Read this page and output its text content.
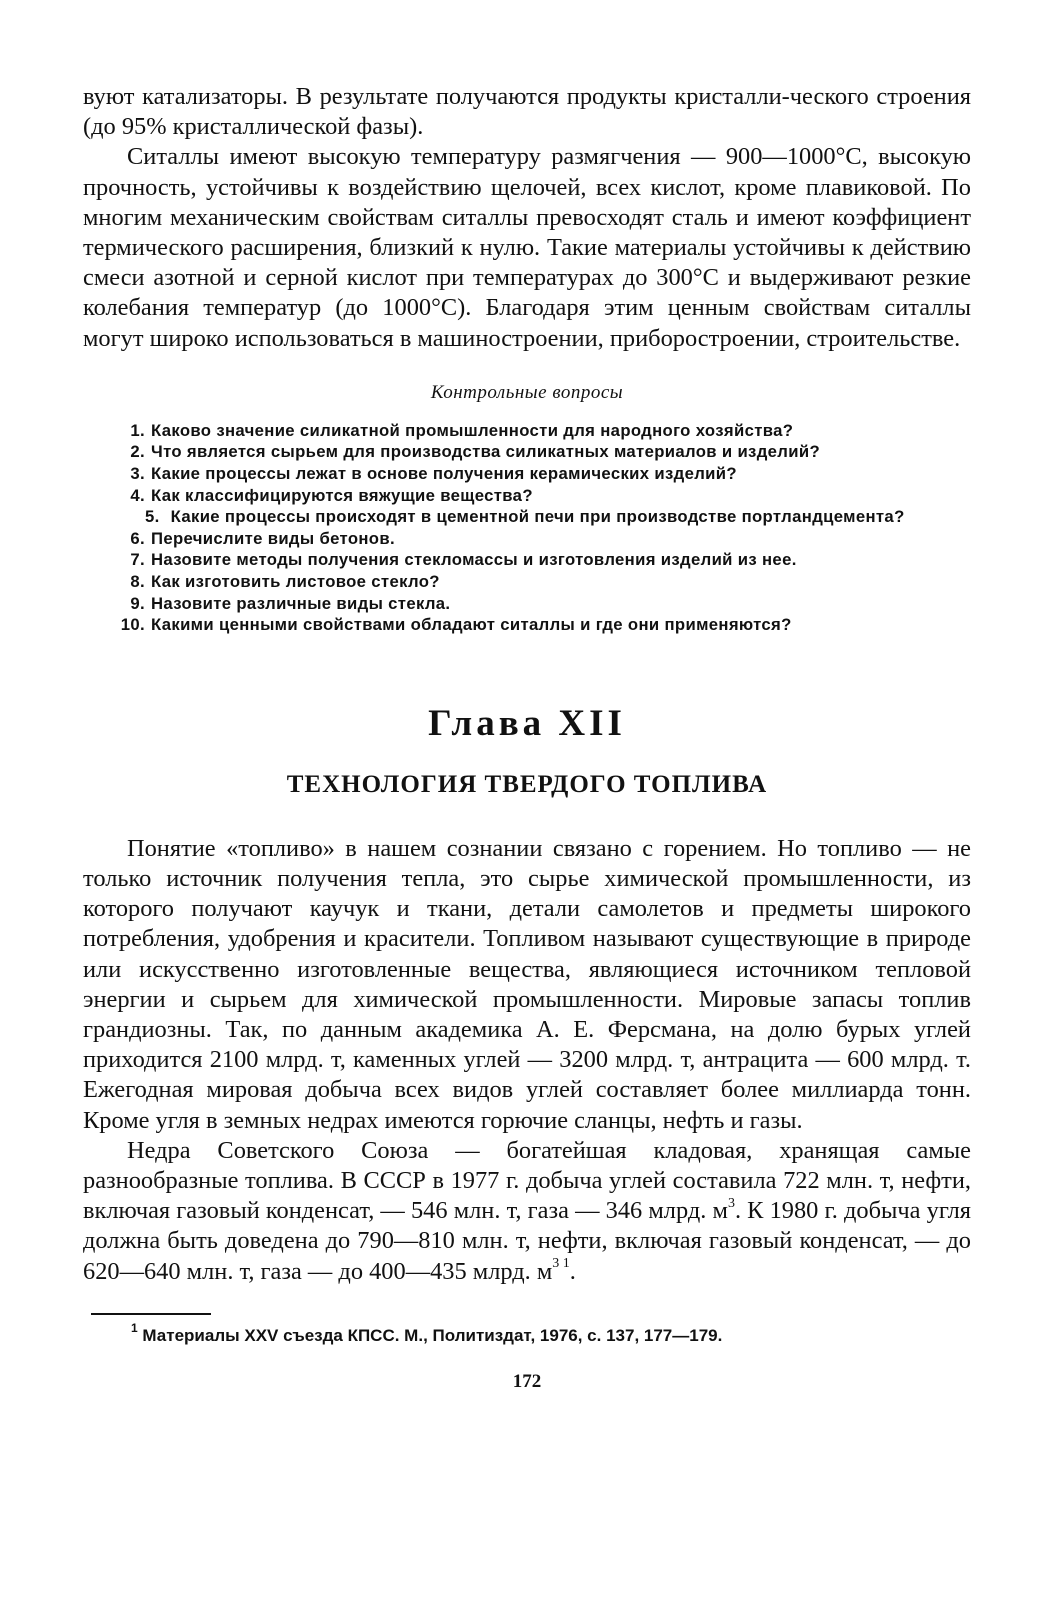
вуют катализаторы. В результате получаются продукты кристалли-ческого строения (до 95% кристаллической фазы).

Ситаллы имеют высокую температуру размягчения — 900—1000°С, высокую прочность, устойчивы к воздействию щелочей, всех кислот, кроме плавиковой. По многим механическим свойствам ситаллы превосходят сталь и имеют коэффициент термического расширения, близкий к нулю. Такие материалы устойчивы к действию смеси азотной и серной кислот при температурах до 300°С и выдерживают резкие колебания температур (до 1000°С). Благодаря этим ценным свойствам ситаллы могут широко использоваться в машиностроении, приборостроении, строительстве.

Контрольные вопросы
1. Каково значение силикатной промышленности для народного хозяйства?
2. Что является сырьем для производства силикатных материалов и изделий?
3. Какие процессы лежат в основе получения керамических изделий?
4. Как классифицируются вяжущие вещества?
5. Какие процессы происходят в цементной печи при производстве портландцемента?
6. Перечислите виды бетонов.
7. Назовите методы получения стекломассы и изготовления изделий из нее.
8. Как изготовить листовое стекло?
9. Назовите различные виды стекла.
10. Какими ценными свойствами обладают ситаллы и где они применяются?
Глава XII
ТЕХНОЛОГИЯ ТВЕРДОГО ТОПЛИВА

Понятие «топливо» в нашем сознании связано с горением. Но топливо — не только источник получения тепла, это сырье химической промышленности, из которого получают каучук и ткани, детали самолетов и предметы широкого потребления, удобрения и красители. Топливом называют существующие в природе или искусственно изготовленные вещества, являющиеся источником тепловой энергии и сырьем для химической промышленности. Мировые запасы топлив грандиозны. Так, по данным академика А. Е. Ферсмана, на долю бурых углей приходится 2100 млрд. т, каменных углей — 3200 млрд. т, антрацита — 600 млрд. т. Ежегодная мировая добыча всех видов углей составляет более миллиарда тонн. Кроме угля в земных недрах имеются горючие сланцы, нефть и газы.

Недра Советского Союза — богатейшая кладовая, хранящая самые разнообразные топлива. В СССР в 1977 г. добыча углей составила 722 млн. т, нефти, включая газовый конденсат, — 546 млн. т, газа — 346 млрд. $м^3$. К 1980 г. добыча угля должна быть доведена до 790—810 млн. т, нефти, включая газовый конденсат, — до 620—640 млн. т, газа — до 400—435 млрд. $м^{3 1}$.

$^1$ Материалы XXV съезда КПСС. М., Политиздат, 1976, с. 137, 177—179.

172
